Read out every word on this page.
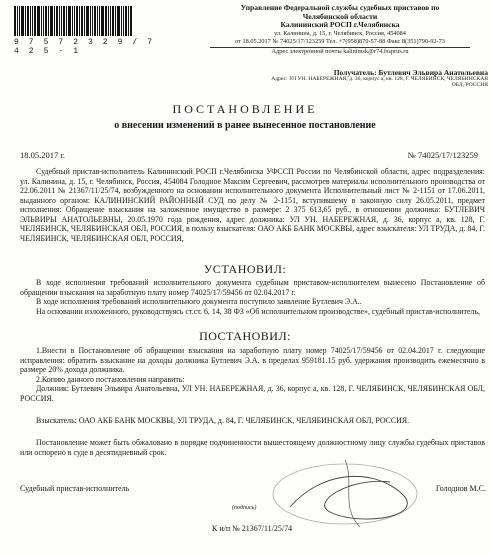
9 7 5 7 2 3 2 9 / 7 4 2 5 - 1
Управление Федеральной службы судебных приставов по
Челябинской области
Калининский РОСП г.Челябинска
ул. Калинина, д. 15, г. Челябинск, Россия, 454084
от 18.05.2017 № 74025/17/123259 Тел. +7(958)870-57-88 Факс 8(351)790-92-73
Адрес электронной почты kalinimsk@r74.fssprus.ru
Получатель: Бутлевич Эльвира Анатольевна
Адрес: УЛ УН. НАБЕРЕЖНАЯ, д. 36, корпус а, кв. 128, Г. ЧЕЛЯБИНСК, ЧЕЛЯБИНСКАЯ
ОБЛ, РОССИЯ
ПОСТАНОВЛЕНИЕ
о внесении изменений в ранее вынесенное постановление
18.05.2017 г.	№ 74025/17/123259

Судебный пристав-исполнитель Калининский РОСП г.Челябинска УФССП России по Челябинской области, адрес подразделения: ул. Калинина, д. 15, г. Челябинск, Россия, 454084 Голодное Максим Сергеевич, рассмотрев материалы исполнительного производства от 22.06.2011 № 21367/11/25/74, возбужденного на основании исполнительного документа Исполнительный лист № 2-1151 от 17.06.2011, выданного органом: КАЛИНИНСКИЙ РАЙОННЫЙ СУД по делу № 2-1151, вступившему в законную силу 26.05.2011, предмет исполнения: Обращение взыскания на заложенное имущество в размере: 2 375 613,65 руб., в отношении должника: БУТЛЕВИЧ ЭЛЬВИРЫ АНАТОЛЬЕВНЫ, 20.05.1970 года рождения, адрес должника: УЛ УН. НАБЕРЕЖНАЯ, д. 36, корпус а, кв. 128, Г. ЧЕЛЯБИНСК, ЧЕЛЯБИНСКАЯ ОБЛ, РОССИЯ, в пользу взыскателя: ОАО АКБ БАНК МОСКВЫ, адрес взыскателя: УЛ ТРУДА, д. 84, Г. ЧЕЛЯБИНСК, ЧЕЛЯБИНСКАЯ ОБЛ, РОССИЯ,

УСТАНОВИЛ:

В ходе исполнения требований исполнительного документа судебным приставом-исполнителем вынесено Постановление об обращении взыскания на заработную плату номер 74025/17/59456 от 02.04.2017 г.

В ходе исполнения требований исполнительного документа поступило заявление Бутлевич Э.А..

На основании изложенного, руководствуясь ст.ст. 6, 14, 38 ФЗ «Об исполнительном производстве», судебный пристав-исполнитель,

ПОСТАНОВИЛ:

1.Внести в Постановление об обращении взыскания на заработную плату номер 74025/17/59456 от 02.04.2017 г. следующие исправления: обратить взыскание на доходы должника Бутлевич Э.А. в пределах 959181.15 руб. удержания производить ежемесячно в размере 20% дохода должника.

2.Копию данного постановления направить:

Должник: Бутлевич Эльвира Анатольевна, УЛ УН. НАБЕРЕЖНАЯ, д. 36, корпус а, кв. 128, Г. ЧЕЛЯБИНСК, ЧЕЛЯБИНСКАЯ ОБЛ, РОССИЯ.

Взыскатель: ОАО АКБ БАНК МОСКВЫ, УЛ ТРУДА, д. 84, Г. ЧЕЛЯБИНСК, ЧЕЛЯБИНСКАЯ ОБЛ, РОССИЯ.

Постановление может быть обжаловано в порядке подчиненности вышестоящему должностному лицу службы судебных приставов или оспорено в суде в десятидневный срок.

Судебный пристав-исполнитель	Голоднов М.С.
(подпись)
К и/п № 21367/11/25/74
